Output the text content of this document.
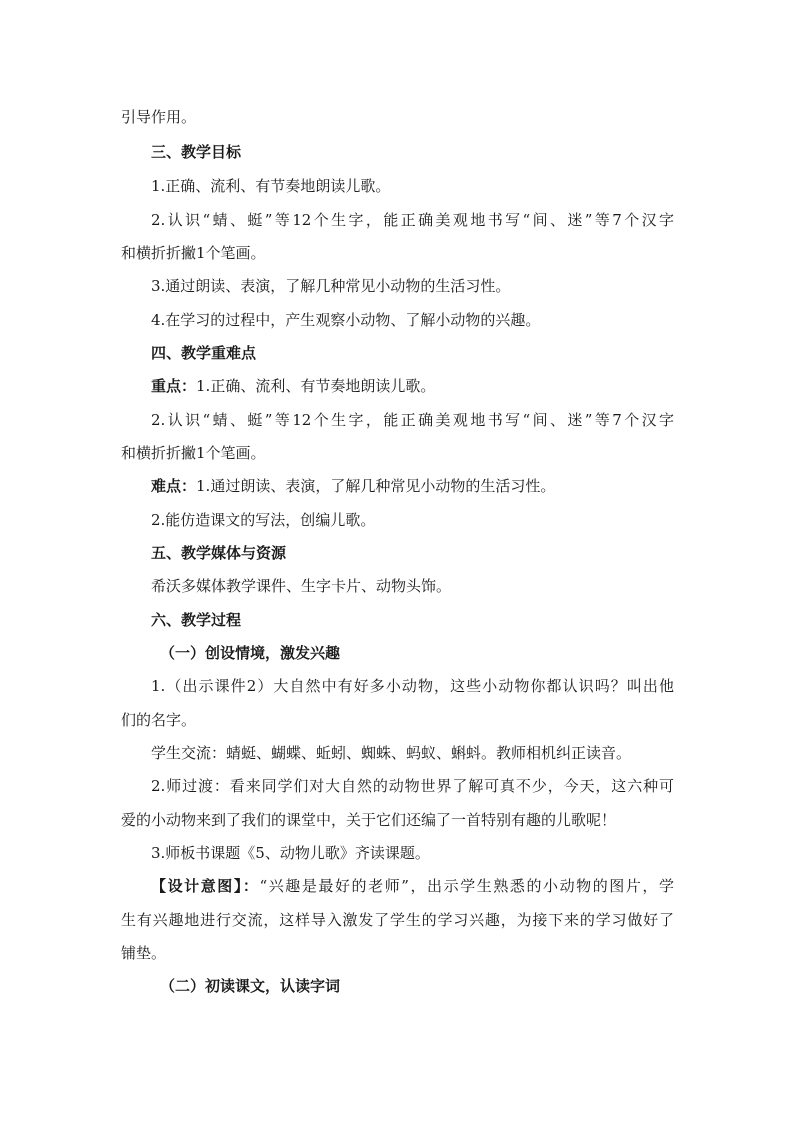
引导作用。
三、教学目标
1.正确、流利、有节奏地朗读儿歌。
2.认识“蜻、蜓”等12个生字，能正确美观地书写“间、迷”等7个汉字
和横折折撇1个笔画。
3.通过朗读、表演，了解几种常见小动物的生活习性。
4.在学习的过程中，产生观察小动物、了解小动物的兴趣。
四、教学重难点
重点：1.正确、流利、有节奏地朗读儿歌。
2.认识“蜻、蜓”等12个生字，能正确美观地书写“间、迷”等7个汉字
和横折折撇1个笔画。
难点：1.通过朗读、表演，了解几种常见小动物的生活习性。
2.能仿造课文的写法，创编儿歌。
五、教学媒体与资源
希沃多媒体教学课件、生字卡片、动物头饰。
六、教学过程
（一）创设情境，激发兴趣
1.（出示课件2）大自然中有好多小动物，这些小动物你都认识吗？叫出他
们的名字。
学生交流：蜻蜓、蝴蝶、蚯蚓、蜘蛛、蚂蚁、蝌蚪。教师相机纠正读音。
2.师过渡：看来同学们对大自然的动物世界了解可真不少，今天，这六种可
爱的小动物来到了我们的课堂中，关于它们还编了一首特别有趣的儿歌呢！
3.师板书课题《5、动物儿歌》齐读课题。
【设计意图】：“兴趣是最好的老师”，出示学生熟悉的小动物的图片，学
生有兴趣地进行交流，这样导入激发了学生的学习兴趣，为接下来的学习做好了
铺垫。
（二）初读课文，认读字词
